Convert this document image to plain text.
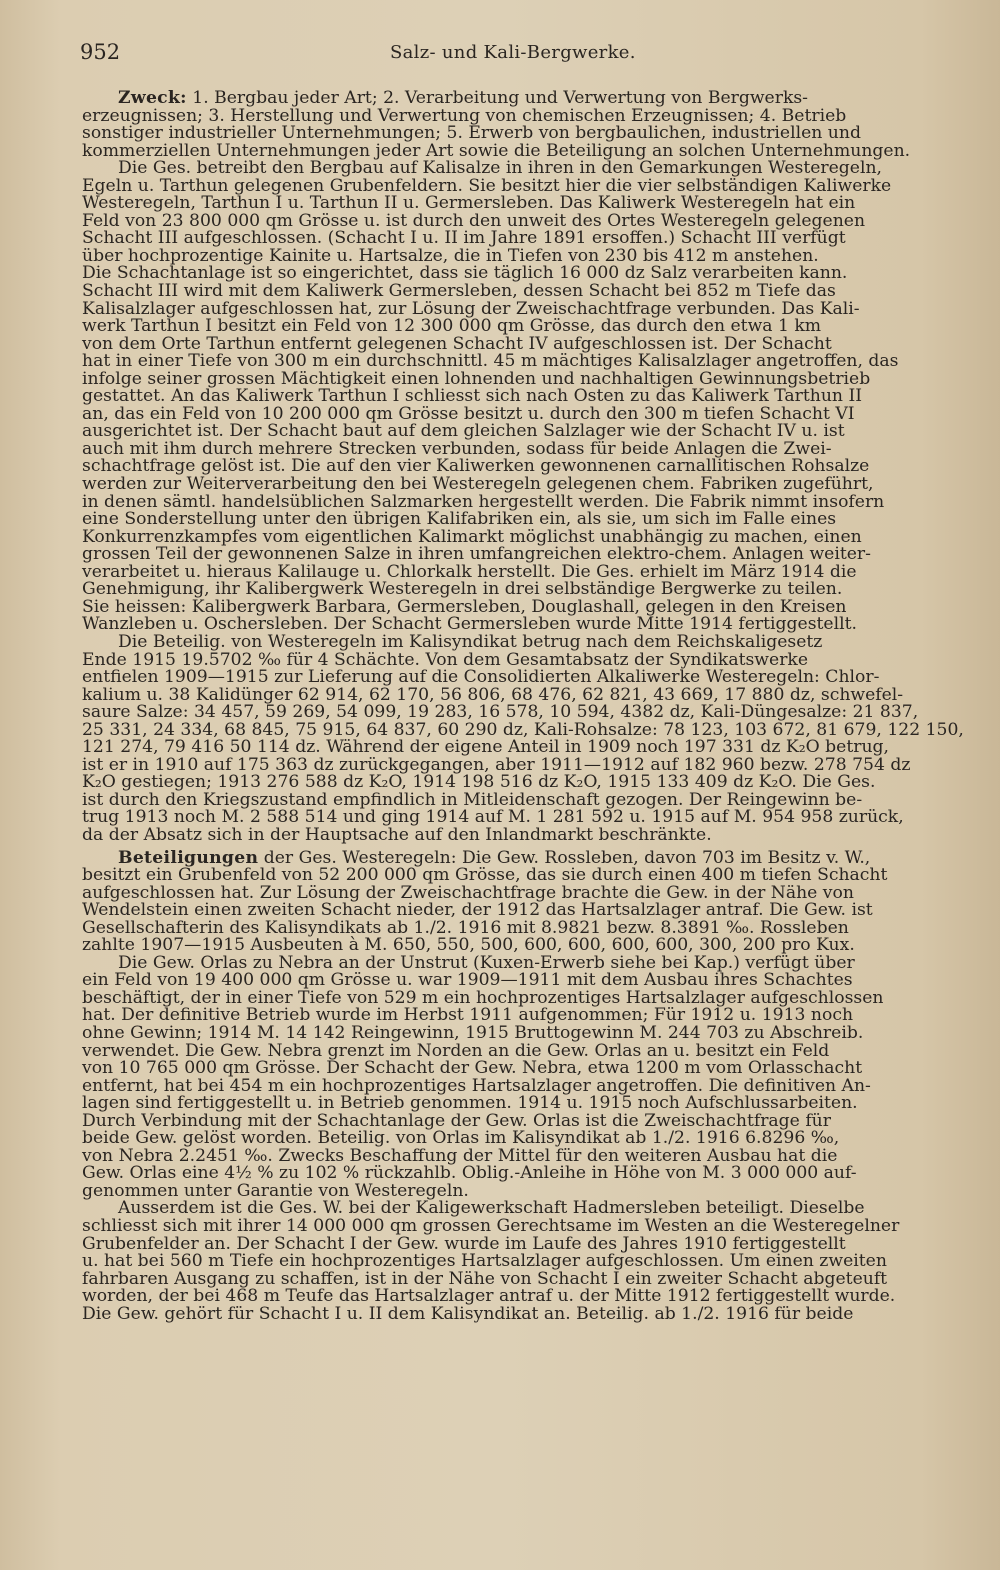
952	Salz- und Kali-Bergwerke.

Zweck: 1. Bergbau jeder Art; 2. Verarbeitung und Verwertung von Bergwerks-
erzeugnissen; 3. Herstellung und Verwertung von chemischen Erzeugnissen; 4. Betrieb
sonstiger industrieller Unternehmungen; 5. Erwerb von bergbaulichen, industriellen und
kommerziellen Unternehmungen jeder Art sowie die Beteiligung an solchen Unternehmungen.

Die Ges. betreibt den Bergbau auf Kalisalze in ihren in den Gemarkungen Westeregeln,
Egeln u. Tarthun gelegenen Grubenfeldern. Sie besitzt hier die vier selbständigen Kaliwerke
Westeregeln, Tarthun I u. Tarthun II u. Germersleben. Das Kaliwerk Westeregeln hat ein
Feld von 23 800 000 qm Grösse u. ist durch den unweit des Ortes Westeregeln gelegenen
Schacht III aufgeschlossen. (Schacht I u. II im Jahre 1891 ersoffen.) Schacht III verfügt
über hochprozentige Kainite u. Hartsalze, die in Tiefen von 230 bis 412 m anstehen.
Die Schachtanlage ist so eingerichtet, dass sie täglich 16 000 dz Salz verarbeiten kann.
Schacht III wird mit dem Kaliwerk Germersleben, dessen Schacht bei 852 m Tiefe das
Kalisalzlager aufgeschlossen hat, zur Lösung der Zweischachtfrage verbunden. Das Kali-
werk Tarthun I besitzt ein Feld von 12 300 000 qm Grösse, das durch den etwa 1 km
von dem Orte Tarthun entfernt gelegenen Schacht IV aufgeschlossen ist. Der Schacht
hat in einer Tiefe von 300 m ein durchschnittl. 45 m mächtiges Kalisalzlager angetroffen, das
infolge seiner grossen Mächtigkeit einen lohnenden und nachhaltigen Gewinnungsbetrieb
gestattet. An das Kaliwerk Tarthun I schliesst sich nach Osten zu das Kaliwerk Tarthun II
an, das ein Feld von 10 200 000 qm Grösse besitzt u. durch den 300 m tiefen Schacht VI
ausgerichtet ist. Der Schacht baut auf dem gleichen Salzlager wie der Schacht IV u. ist
auch mit ihm durch mehrere Strecken verbunden, sodass für beide Anlagen die Zwei-
schachtfrage gelöst ist. Die auf den vier Kaliwerken gewonnenen carnallitischen Rohsalze
werden zur Weiterverarbeitung den bei Westeregeln gelegenen chem. Fabriken zugeführt,
in denen sämtl. handelsüblichen Salzmarken hergestellt werden. Die Fabrik nimmt insofern
eine Sonderstellung unter den übrigen Kalifabriken ein, als sie, um sich im Falle eines
Konkurrenzkampfes vom eigentlichen Kalimarkt möglichst unabhängig zu machen, einen
grossen Teil der gewonnenen Salze in ihren umfangreichen elektro-chem. Anlagen weiter-
verarbeitet u. hieraus Kalilauge u. Chlorkalk herstellt. Die Ges. erhielt im März 1914 die
Genehmigung, ihr Kalibergwerk Westeregeln in drei selbständige Bergwerke zu teilen.
Sie heissen: Kalibergwerk Barbara, Germersleben, Douglashall, gelegen in den Kreisen
Wanzleben u. Oschersleben. Der Schacht Germersleben wurde Mitte 1914 fertiggestellt.

Die Beteilig. von Westeregeln im Kalisyndikat betrug nach dem Reichskaligesetz
Ende 1915 19.5702 ‰ für 4 Schächte. Von dem Gesamtabsatz der Syndikatswerke
entfielen 1909—1915 zur Lieferung auf die Consolidierten Alkaliwerke Westeregeln: Chlor-
kalium u. 38 Kalidünger 62 914, 62 170, 56 806, 68 476, 62 821, 43 669, 17 880 dz, schwefel-
saure Salze: 34 457, 59 269, 54 099, 19 283, 16 578, 10 594, 4382 dz, Kali-Düngesalze: 21 837,
25 331, 24 334, 68 845, 75 915, 64 837, 60 290 dz, Kali-Rohsalze: 78 123, 103 672, 81 679, 122 150,
121 274, 79 416 50 114 dz. Während der eigene Anteil in 1909 noch 197 331 dz K₂O betrug,
ist er in 1910 auf 175 363 dz zurückgegangen, aber 1911—1912 auf 182 960 bezw. 278 754 dz
K₂O gestiegen; 1913 276 588 dz K₂O, 1914 198 516 dz K₂O, 1915 133 409 dz K₂O. Die Ges.
ist durch den Kriegszustand empfindlich in Mitleidenschaft gezogen. Der Reingewinn be-
trug 1913 noch M. 2 588 514 und ging 1914 auf M. 1 281 592 u. 1915 auf M. 954 958 zurück,
da der Absatz sich in der Hauptsache auf den Inlandmarkt beschränkte.

Beteiligungen der Ges. Westeregeln: Die Gew. Rossleben, davon 703 im Besitz v. W.,
besitzt ein Grubenfeld von 52 200 000 qm Grösse, das sie durch einen 400 m tiefen Schacht
aufgeschlossen hat. Zur Lösung der Zweischachtfrage brachte die Gew. in der Nähe von
Wendelstein einen zweiten Schacht nieder, der 1912 das Hartsalzlager antraf. Die Gew. ist
Gesellschafterin des Kalisyndikats ab 1./2. 1916 mit 8.9821 bezw. 8.3891 ‰. Rossleben
zahlte 1907—1915 Ausbeuten à M. 650, 550, 500, 600, 600, 600, 600, 300, 200 pro Kux.

Die Gew. Orlas zu Nebra an der Unstrut (Kuxen-Erwerb siehe bei Kap.) verfügt über
ein Feld von 19 400 000 qm Grösse u. war 1909—1911 mit dem Ausbau ihres Schachtes
beschäftigt, der in einer Tiefe von 529 m ein hochprozentiges Hartsalzlager aufgeschlossen
hat. Der definitive Betrieb wurde im Herbst 1911 aufgenommen; Für 1912 u. 1913 noch
ohne Gewinn; 1914 M. 14 142 Reingewinn, 1915 Bruttogewinn M. 244 703 zu Abschreib.
verwendet. Die Gew. Nebra grenzt im Norden an die Gew. Orlas an u. besitzt ein Feld
von 10 765 000 qm Grösse. Der Schacht der Gew. Nebra, etwa 1200 m vom Orlasschacht
entfernt, hat bei 454 m ein hochprozentiges Hartsalzlager angetroffen. Die definitiven An-
lagen sind fertiggestellt u. in Betrieb genommen. 1914 u. 1915 noch Aufschlussarbeiten.
Durch Verbindung mit der Schachtanlage der Gew. Orlas ist die Zweischachtfrage für
beide Gew. gelöst worden. Beteilig. von Orlas im Kalisyndikat ab 1./2. 1916 6.8296 ‰,
von Nebra 2.2451 ‰. Zwecks Beschaffung der Mittel für den weiteren Ausbau hat die
Gew. Orlas eine 4½ % zu 102 % rückzahlb. Oblig.-Anleihe in Höhe von M. 3 000 000 auf-
genommen unter Garantie von Westeregeln.

Ausserdem ist die Ges. W. bei der Kaligewerkschaft Hadmersleben beteiligt. Dieselbe
schliesst sich mit ihrer 14 000 000 qm grossen Gerechtsame im Westen an die Westeregelner
Grubenfelder an. Der Schacht I der Gew. wurde im Laufe des Jahres 1910 fertiggestellt
u. hat bei 560 m Tiefe ein hochprozentiges Hartsalzlager aufgeschlossen. Um einen zweiten
fahrbaren Ausgang zu schaffen, ist in der Nähe von Schacht I ein zweiter Schacht abgeteuft
worden, der bei 468 m Teufe das Hartsalzlager antraf u. der Mitte 1912 fertiggestellt wurde.
Die Gew. gehört für Schacht I u. II dem Kalisyndikat an. Beteilig. ab 1./2. 1916 für beide
